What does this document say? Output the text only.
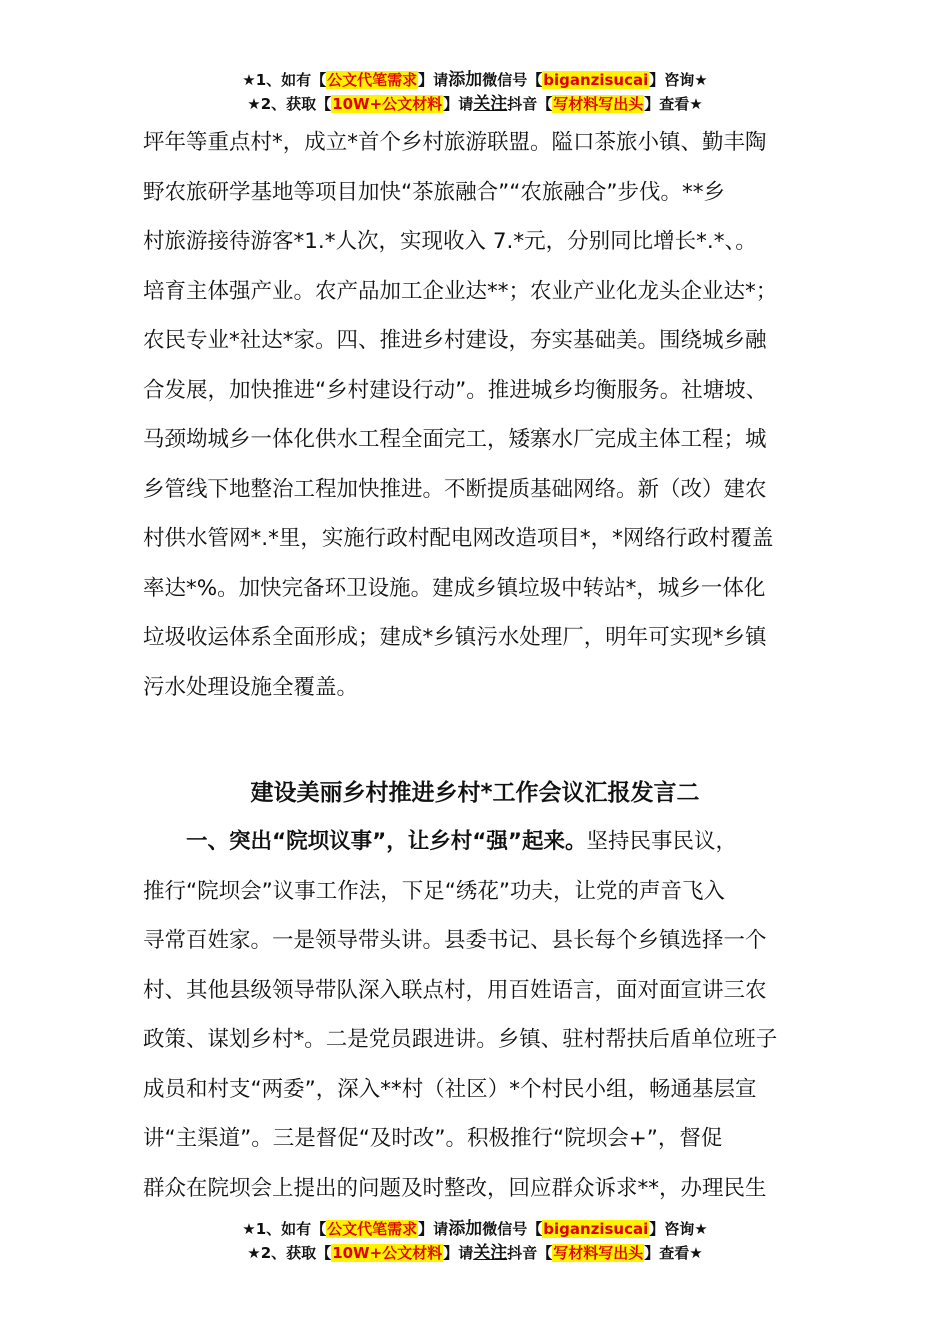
★1、如有【公文代笔需求】请添加微信号【biganzisucai】咨询★
★2、获取【10W+公文材料】请关注抖音【写材料写出头】查看★
坪年等重点村*，成立*首个乡村旅游联盟。隘口茶旅小镇、勤丰陶
野农旅研学基地等项目加快“茶旅融合”“农旅融合”步伐。**乡
村旅游接待游客*1.*人次，实现收入 7.*元，分别同比增长*.*、。
培育主体强产业。农产品加工企业达**；农业产业化龙头企业达*；
农民专业*社达*家。四、推进乡村建设，夯实基础美。围绕城乡融
合发展，加快推进“乡村建设行动”。推进城乡均衡服务。社塘坡、
马颈坳城乡一体化供水工程全面完工，矮寨水厂完成主体工程；城
乡管线下地整治工程加快推进。不断提质基础网络。新（改）建农
村供水管网*.*里，实施行政村配电网改造项目*，*网络行政村覆盖
率达*%。加快完备环卫设施。建成乡镇垃圾中转站*，城乡一体化
垃圾收运体系全面形成；建成*乡镇污水处理厂，明年可实现*乡镇
污水处理设施全覆盖。
建设美丽乡村推进乡村*工作会议汇报发言二
一、突出“院坝议事”，让乡村“强”起来。坚持民事民议，
推行“院坝会”议事工作法，下足“绣花”功夫，让党的声音飞入
寻常百姓家。一是领导带头讲。县委书记、县长每个乡镇选择一个
村、其他县级领导带队深入联点村，用百姓语言，面对面宣讲三农
政策、谋划乡村*。二是党员跟进讲。乡镇、驻村帮扶后盾单位班子
成员和村支“两委”，深入**村（社区）*个村民小组，畅通基层宣
讲“主渠道”。三是督促“及时改”。积极推行“院坝会+”，督促
群众在院坝会上提出的问题及时整改，回应群众诉求**，办理民生
★1、如有【公文代笔需求】请添加微信号【biganzisucai】咨询★
★2、获取【10W+公文材料】请关注抖音【写材料写出头】查看★
